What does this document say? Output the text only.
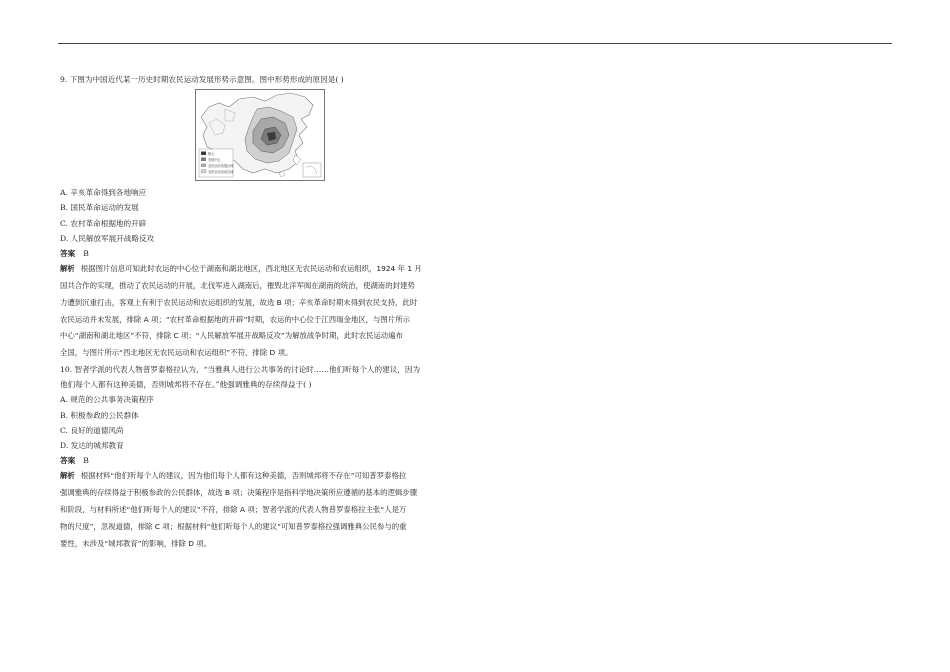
9. 下图为中国近代某一历史时期农民运动发展形势示意图。图中形势形成的原因是( )
核心
发展中心
农民运动发展区域
农民运动活动区域
A. 辛亥革命得到各地响应
B. 国民革命运动的发展
C. 农村革命根据地的开辟
D. 人民解放军展开战略反攻
答案 B
解析 根据图片信息可知此时农运的中心位于湖南和湖北地区，西北地区无农民运动和农运组织，1924 年 1 月
国共合作的实现，推动了农民运动的开展，北伐军进入湖南后，摧毁北洋军阀在湖南的统治，使湖南的封建势
力遭到沉重打击，客观上有利于农民运动和农运组织的发展，故选 B 项；辛亥革命时期未得到农民支持，此时
农民运动并未发展，排除 A 项；“农村革命根据地的开辟”时期，农运的中心位于江西瑞金地区，与图片所示
中心“湖南和湖北地区”不符，排除 C 项；“人民解放军展开战略反攻”为解放战争时期，此时农民运动遍布
全国，与图片所示“西北地区无农民运动和农运组织”不符，排除 D 项。
10. 智者学派的代表人物普罗泰格拉认为，“当雅典人进行公共事务的讨论时……他们听每个人的建议，因为
他们每个人都有这种美德，否则城邦将不存在。”他强调雅典的存续得益于( )
A. 规范的公共事务决策程序
B. 积极参政的公民群体
C. 良好的道德风尚
D. 发达的城邦教育
答案 B
解析 根据材料“他们听每个人的建议，因为他们每个人都有这种美德，否则城邦将不存在”可知普罗泰格拉
强调雅典的存续得益于积极参政的公民群体，故选 B 项；决策程序是指科学地决策所应遵循的基本的逻辑步骤
和阶段，与材料所述“他们听每个人的建议”不符，排除 A 项；智者学派的代表人物普罗泰格拉主张“人是万
物的尺度”，忽视道德，排除 C 项；根据材料“他们听每个人的建议”可知普罗泰格拉强调雅典公民参与的重
要性，未涉及“城邦教育”的影响，排除 D 项。
